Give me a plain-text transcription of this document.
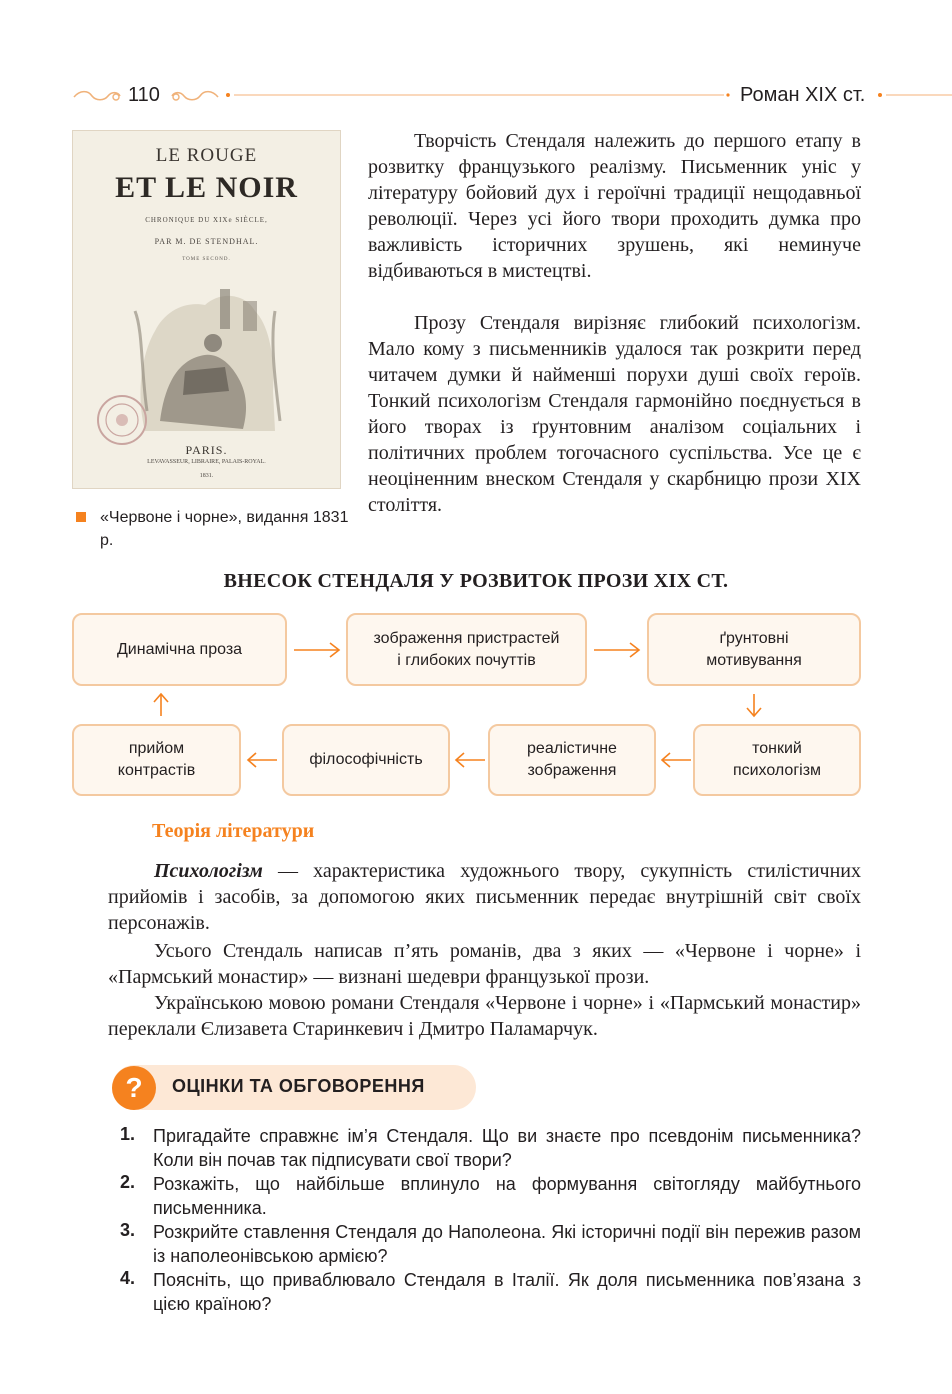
110	Роман XIX ст.
LE ROUGE
ET LE NOIR
CHRONIQUE DU XIXe SIÈCLE,
PAR M. DE STENDHAL.
TOME SECOND.
PARIS.
LEVAVASSEUR, LIBRAIRE, PALAIS-ROYAL.
1831.
«Червоне і чорне», видання 1831 р.
Творчість Стендаля належить до першого етапу в розвитку французького реалізму. Письменник уніс у літературу бойовий дух і героїчні традиції нещодавньої революції. Через усі його твори проходить думка про важливість історичних зрушень, які неминуче відбиваються в мистецтві.
Прозу Стендаля вирізняє глибокий психологізм. Мало кому з письменників удалося так розкрити перед читачем думки й найменші порухи душі своїх героїв. Тонкий психологізм Стендаля гармонійно поєднується в його творах із ґрунтовним аналізом соціальних і політичних проблем тогочасного суспільства. Усе це є неоціненним внеском Стендаля у скарбницю прози XIX століття.
ВНЕСОК СТЕНДАЛЯ У РОЗВИТОК ПРОЗИ XIX СТ.
Динамічна проза
зображення пристрастей
і глибоких почуттів
ґрунтовні
мотивування
прийом
контрастів
філософічність
реалістичне
зображення
тонкий
психологізм
Теорія літератури
Психологізм — характеристика художнього твору, сукупність стилістичних прийомів і засобів, за допомогою яких письменник передає внутрішній світ своїх персонажів.
Усього Стендаль написав п’ять романів, два з яких — «Червоне і чорне» і «Пармський монастир» — визнані шедеври французької прози.
Українською мовою романи Стендаля «Червоне і чорне» і «Пармський монастир» переклали Єлизавета Старинкевич і Дмитро Паламарчук.
?	ОЦІНКИ ТА ОБГОВОРЕННЯ
1. Пригадайте справжнє ім’я Стендаля. Що ви знаєте про псевдонім письменника? Коли він почав так підписувати свої твори?
2. Розкажіть, що найбільше вплинуло на формування світогляду майбутнього письменника.
3. Розкрийте ставлення Стендаля до Наполеона. Які історичні події він пережив разом із наполеонівською армією?
4. Поясніть, що приваблювало Стендаля в Італії. Як доля письменника пов’язана з цією країною?
